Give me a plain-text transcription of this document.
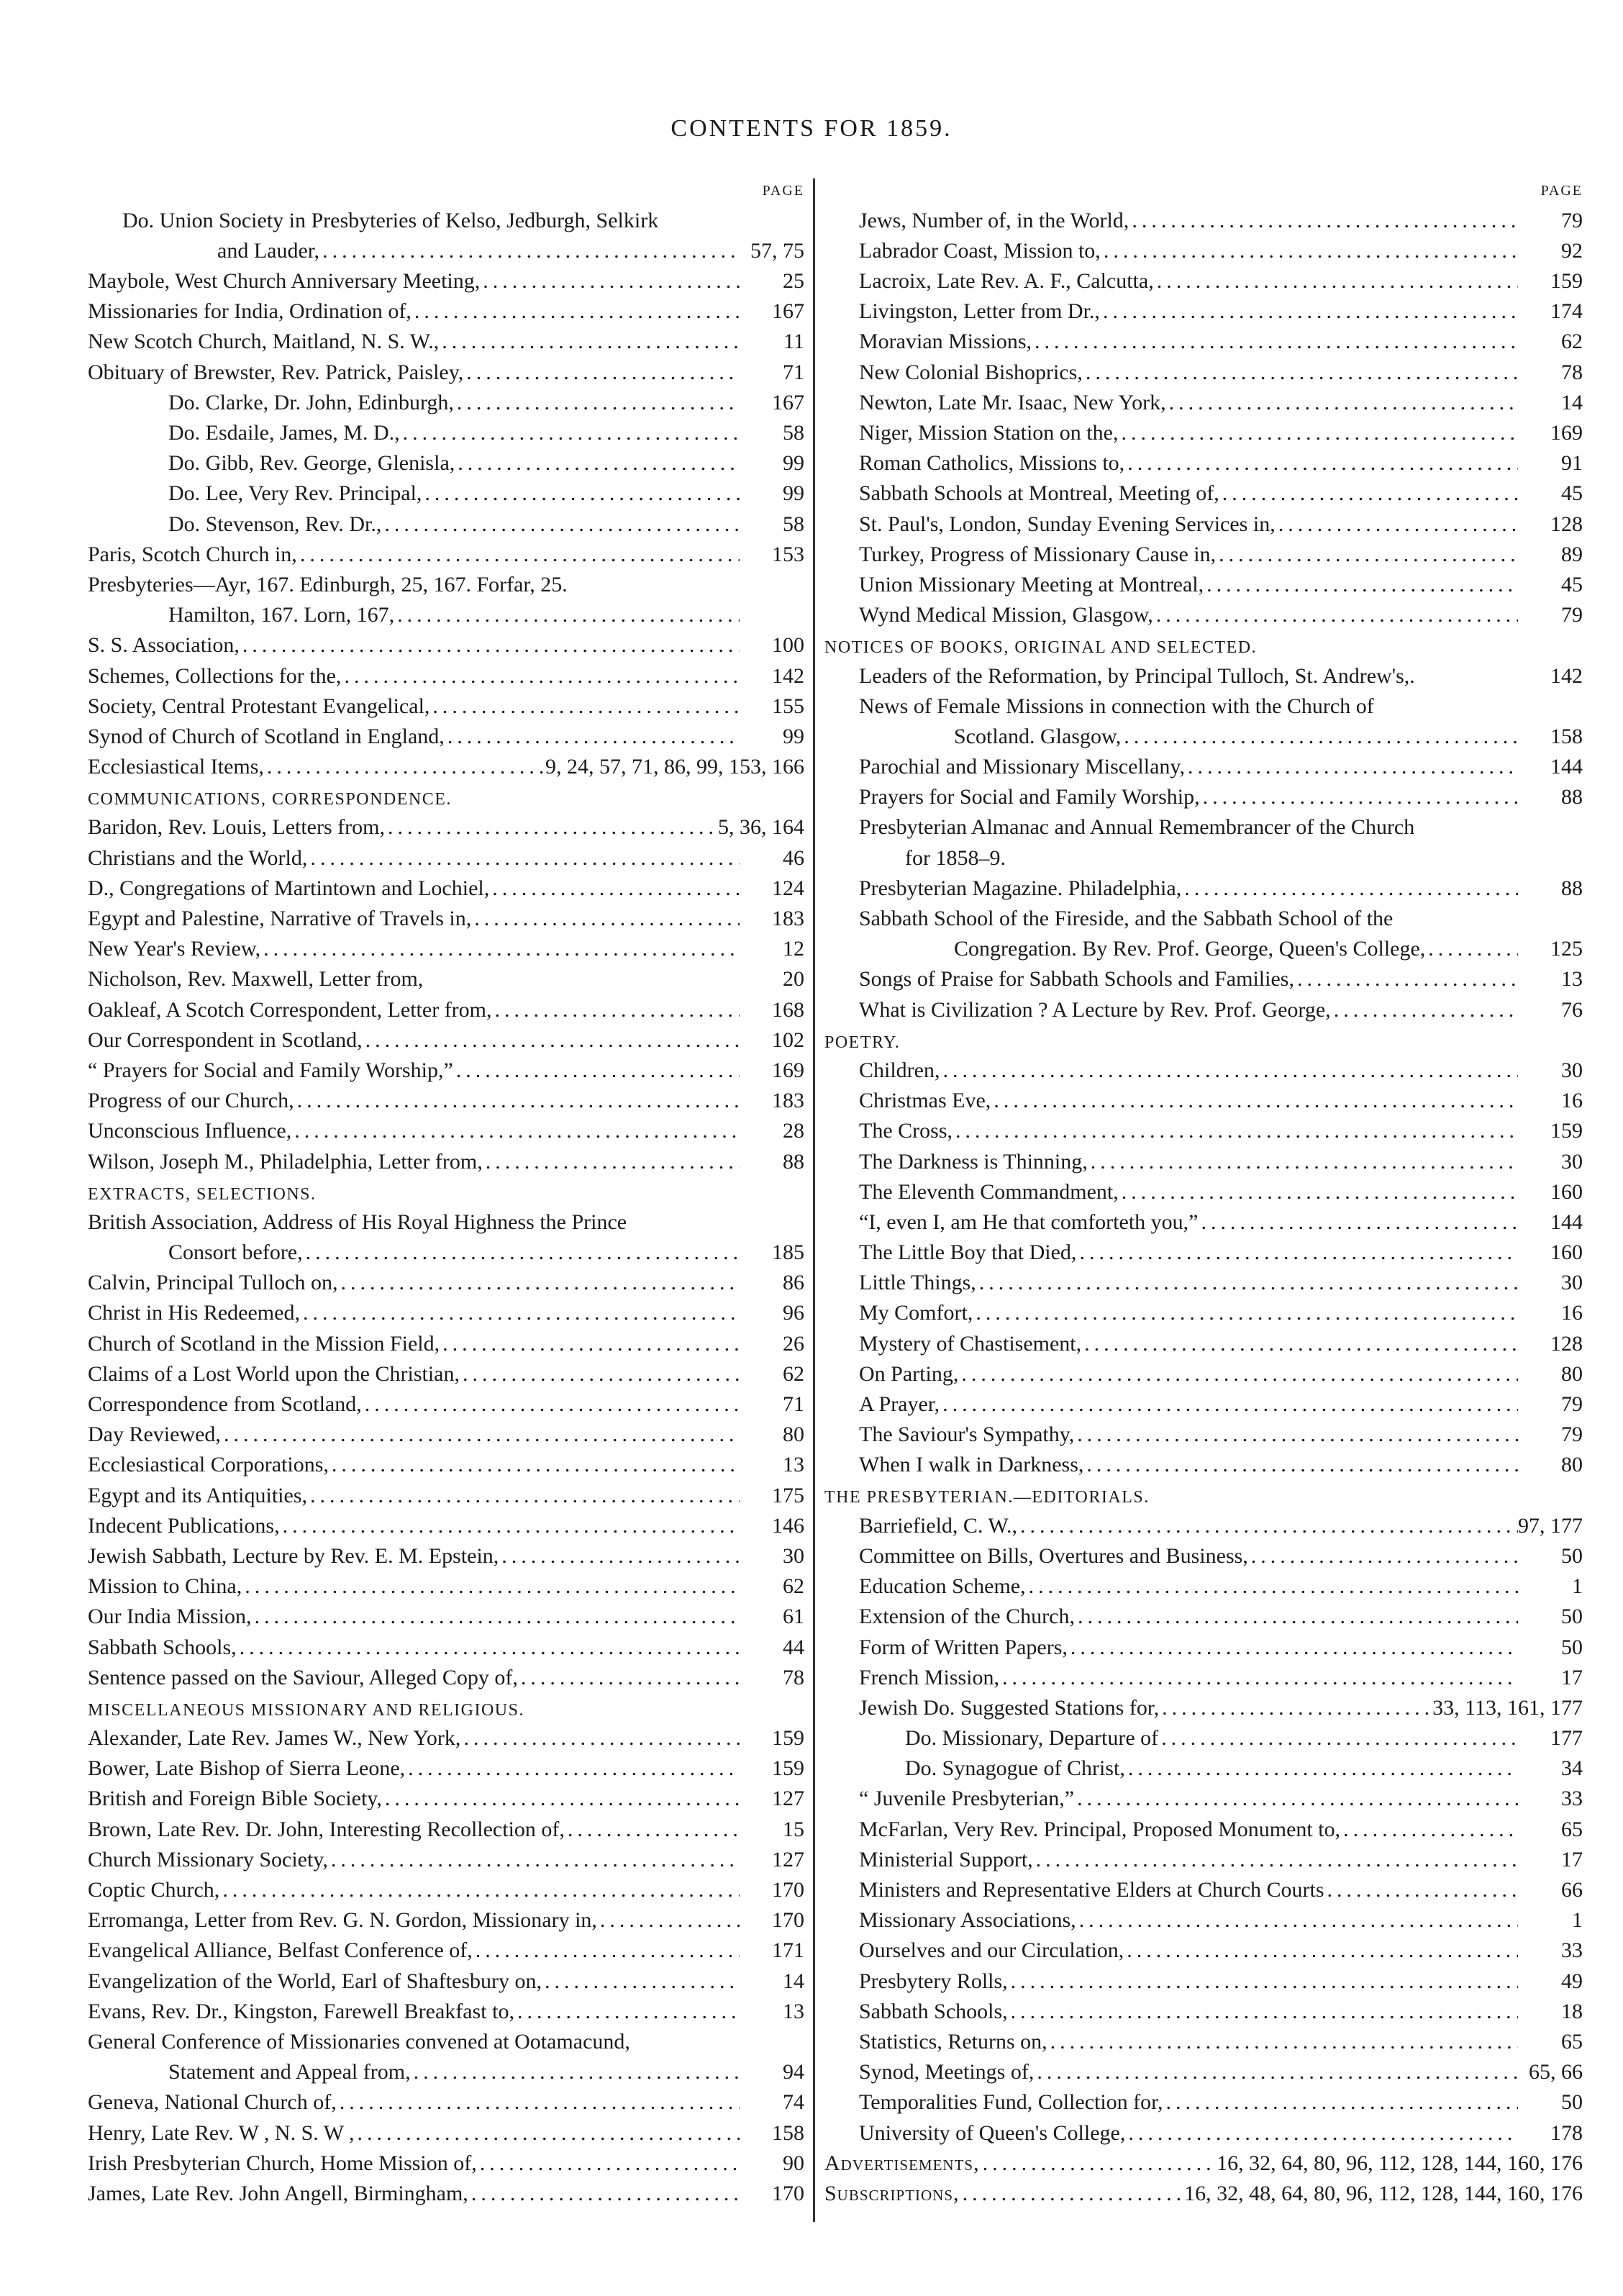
CONTENTS FOR 1859.
PAGE
Do. Union Society in Presbyteries of Kelso, Jedburgh, Selkirk
and Lauder, .....	57, 75
Maybole, West Church Anniversary Meeting, .....	25
Missionaries for India, Ordination of, .....	167
New Scotch Church, Maitland, N. S. W., .....	11
Obituary of Brewster, Rev. Patrick, Paisley, .....	71
Do. Clarke, Dr. John, Edinburgh, .....	167
Do. Esdaile, James, M. D., .....	58
Do. Gibb, Rev. George, Glenisla, .....	99
Do. Lee, Very Rev. Principal, .....	99
Do. Stevenson, Rev. Dr., .....	58
Paris, Scotch Church in, .....	153
Presbyteries—Ayr, 167. Edinburgh, 25, 167. Forfar, 25.
Hamilton, 167. Lorn, 167,
.....
S. S. Association, .....	100
Schemes, Collections for the, .....	142
Society, Central Protestant Evangelical, .....	155
Synod of Church of Scotland in England, .....	99
Ecclesiastical Items, .....	9, 24, 57, 71, 86, 99, 153, 166
COMMUNICATIONS, CORRESPONDENCE.
Baridon, Rev. Louis, Letters from, .....	5, 36, 164
Christians and the World, .....	46
D., Congregations of Martintown and Lochiel, .....	124
Egypt and Palestine, Narrative of Travels in, .....	183
New Year's Review, .....	12
Nicholson, Rev. Maxwell, Letter from,	20
Oakleaf, A Scotch Correspondent, Letter from, .....	168
Our Correspondent in Scotland, .....	102
“ Prayers for Social and Family Worship,” .....	169
Progress of our Church, .....	183
Unconscious Influence, .....	28
Wilson, Joseph M., Philadelphia, Letter from, .....	88
EXTRACTS, SELECTIONS.
British Association, Address of His Royal Highness the Prince
Consort before, .....	185
Calvin, Principal Tulloch on, .....	86
Christ in His Redeemed, .....	96
Church of Scotland in the Mission Field, .....	26
Claims of a Lost World upon the Christian, .....	62
Correspondence from Scotland, .....	71
Day Reviewed, .....	80
Ecclesiastical Corporations, .....	13
Egypt and its Antiquities, .....	175
Indecent Publications, .....	146
Jewish Sabbath, Lecture by Rev. E. M. Epstein, .....	30
Mission to China, .....	62
Our India Mission, .....	61
Sabbath Schools, .....	44
Sentence passed on the Saviour, Alleged Copy of, .....	78
MISCELLANEOUS MISSIONARY AND RELIGIOUS.
Alexander, Late Rev. James W., New York, .....	159
Bower, Late Bishop of Sierra Leone, .....	159
British and Foreign Bible Society, .....	127
Brown, Late Rev. Dr. John, Interesting Recollection of, .....	15
Church Missionary Society, .....	127
Coptic Church, .....	170
Erromanga, Letter from Rev. G. N. Gordon, Missionary in, .....	170
Evangelical Alliance, Belfast Conference of, .....	171
Evangelization of the World, Earl of Shaftesbury on, .....	14
Evans, Rev. Dr., Kingston, Farewell Breakfast to, .....	13
General Conference of Missionaries convened at Ootamacund,
Statement and Appeal from, .....	94
Geneva, National Church of, .....	74
Henry, Late Rev. W , N. S. W , .....	158
Irish Presbyterian Church, Home Mission of, .....	90
James, Late Rev. John Angell, Birmingham, .....	170
PAGE
Jews, Number of, in the World, .....	79
Labrador Coast, Mission to, .....	92
Lacroix, Late Rev. A. F., Calcutta, .....	159
Livingston, Letter from Dr., .....	174
Moravian Missions, .....	62
New Colonial Bishoprics, .....	78
Newton, Late Mr. Isaac, New York, .....	14
Niger, Mission Station on the, .....	169
Roman Catholics, Missions to, .....	91
Sabbath Schools at Montreal, Meeting of, .....	45
St. Paul's, London, Sunday Evening Services in, .....	128
Turkey, Progress of Missionary Cause in, .....	89
Union Missionary Meeting at Montreal, .....	45
Wynd Medical Mission, Glasgow, .....	79
NOTICES OF BOOKS, ORIGINAL AND SELECTED.
Leaders of the Reformation, by Principal Tulloch, St. Andrew's,.	142
News of Female Missions in connection with the Church of
Scotland. Glasgow, .....	158
Parochial and Missionary Miscellany, .....	144
Prayers for Social and Family Worship, .....	88
Presbyterian Almanac and Annual Remembrancer of the Church
for 1858–9.
Presbyterian Magazine. Philadelphia, .....	88
Sabbath School of the Fireside, and the Sabbath School of the
Congregation. By Rev. Prof. George, Queen's College, .....	125
Songs of Praise for Sabbath Schools and Families, .....	13
What is Civilization ? A Lecture by Rev. Prof. George, .....	76
POETRY.
Children, .....	30
Christmas Eve, .....	16
The Cross, .....	159
The Darkness is Thinning, .....	30
The Eleventh Commandment, .....	160
“I, even I, am He that comforteth you,” .....	144
The Little Boy that Died, .....	160
Little Things, .....	30
My Comfort, .....	16
Mystery of Chastisement, .....	128
On Parting, .....	80
A Prayer, .....	79
The Saviour's Sympathy, .....	79
When I walk in Darkness, .....	80
THE PRESBYTERIAN.—EDITORIALS.
Barriefield, C. W., .....	97, 177
Committee on Bills, Overtures and Business, .....	50
Education Scheme, .....	1
Extension of the Church, .....	50
Form of Written Papers, .....	50
French Mission, .....	17
Jewish Do. Suggested Stations for, .....	33, 113, 161, 177
Do. Missionary, Departure of .....	177
Do. Synagogue of Christ, .....	34
“ Juvenile Presbyterian,” .....	33
McFarlan, Very Rev. Principal, Proposed Monument to, .....	65
Ministerial Support, .....	17
Ministers and Representative Elders at Church Courts .....	66
Missionary Associations, .....	1
Ourselves and our Circulation, .....	33
Presbytery Rolls, .....	49
Sabbath Schools, .....	18
Statistics, Returns on, .....	65
Synod, Meetings of, .....	65, 66
Temporalities Fund, Collection for, .....	50
University of Queen's College, .....	178
Advertisements, .....	16, 32, 64, 80, 96, 112, 128, 144, 160, 176
Subscriptions, .....	16, 32, 48, 64, 80, 96, 112, 128, 144, 160, 176
